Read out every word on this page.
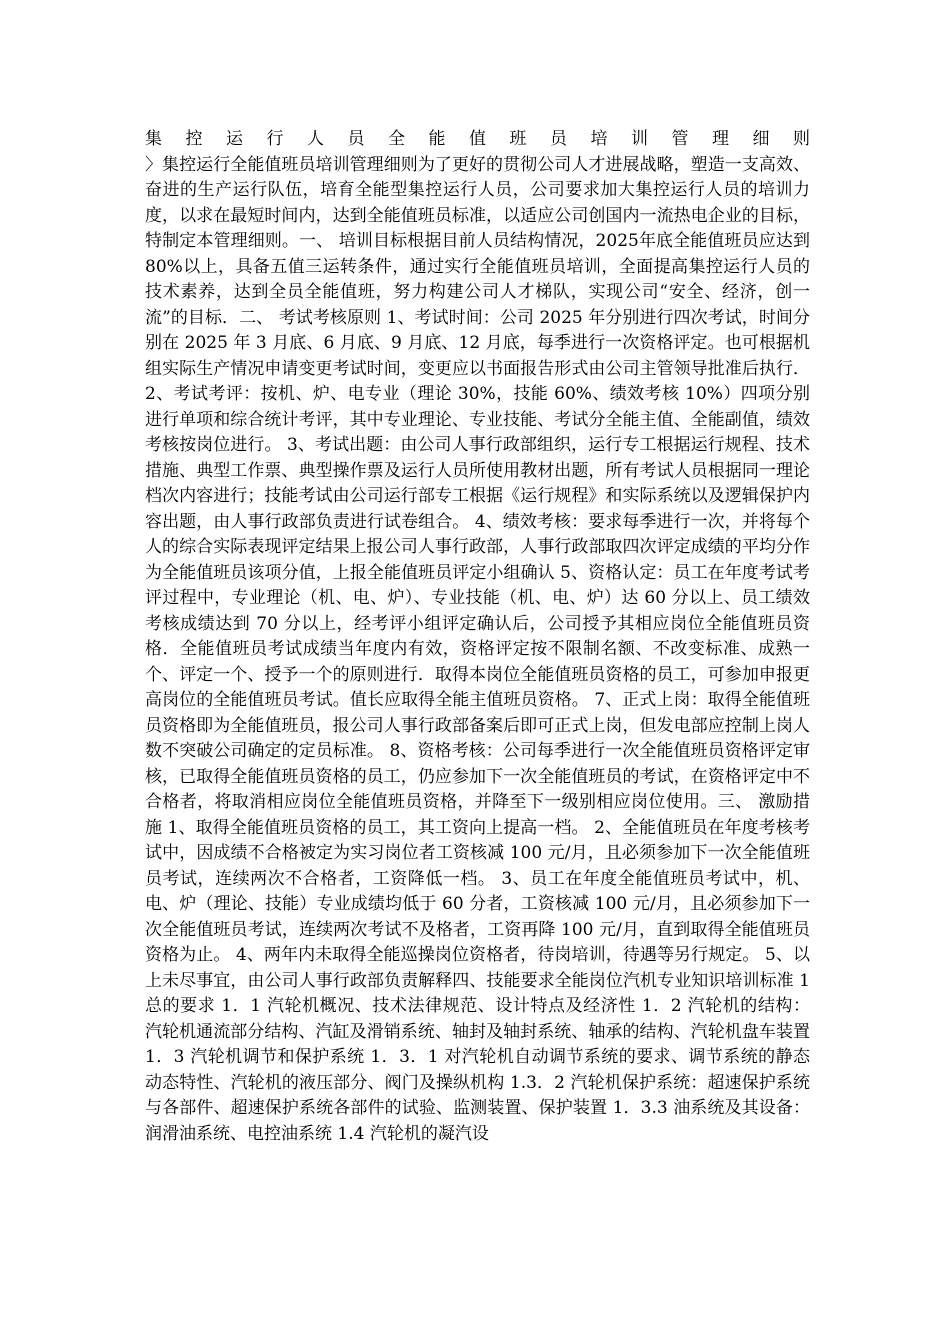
集 控 运 行 人 员 全 能 值 班 员 培 训 管 理 细 则

〉集控运行全能值班员培训管理细则为了更好的贯彻公司人才进展战略，塑造一支高效、奋进的生产运行队伍，培育全能型集控运行人员，公司要求加大集控运行人员的培训力度，以求在最短时间内，达到全能值班员标准，以适应公司创国内一流热电企业的目标，特制定本管理细则。一、 培训目标根据目前人员结构情况，2025年底全能值班员应达到80%以上，具备五值三运转条件，通过实行全能值班员培训，全面提高集控运行人员的技术素养，达到全员全能值班，努力构建公司人才梯队，实现公司“安全、经济，创一流”的目标．二、 考试考核原则 1、考试时间：公司 2025 年分别进行四次考试，时间分别在 2025 年 3 月底、6 月底、9 月底、12 月底，每季进行一次资格评定。也可根据机组实际生产情况申请变更考试时间，变更应以书面报告形式由公司主管领导批准后执行． 2、考试考评：按机、炉、电专业（理论 30%，技能 60%、绩效考核 10%）四项分别进行单项和综合统计考评，其中专业理论、专业技能、考试分全能主值、全能副值，绩效考核按岗位进行。 3、考试出题：由公司人事行政部组织，运行专工根据运行规程、技术措施、典型工作票、典型操作票及运行人员所使用教材出题，所有考试人员根据同一理论档次内容进行；技能考试由公司运行部专工根据《运行规程》和实际系统以及逻辑保护内容出题，由人事行政部负责进行试卷组合。 4、绩效考核：要求每季进行一次，并将每个人的综合实际表现评定结果上报公司人事行政部，人事行政部取四次评定成绩的平均分作为全能值班员该项分值，上报全能值班员评定小组确认 5、资格认定：员工在年度考试考评过程中，专业理论（机、电、炉）、专业技能（机、电、炉）达 60 分以上、员工绩效考核成绩达到 70 分以上，经考评小组评定确认后，公司授予其相应岗位全能值班员资格．全能值班员考试成绩当年度内有效，资格评定按不限制名额、不改变标准、成熟一个、评定一个、授予一个的原则进行．取得本岗位全能值班员资格的员工，可参加申报更高岗位的全能值班员考试。值长应取得全能主值班员资格。 7、正式上岗：取得全能值班员资格即为全能值班员，报公司人事行政部备案后即可正式上岗，但发电部应控制上岗人数不突破公司确定的定员标准。 8、资格考核：公司每季进行一次全能值班员资格评定审核，已取得全能值班员资格的员工，仍应参加下一次全能值班员的考试，在资格评定中不合格者，将取消相应岗位全能值班员资格，并降至下一级别相应岗位使用。三、 激励措施 1、取得全能值班员资格的员工，其工资向上提高一档。 2、全能值班员在年度考核考试中，因成绩不合格被定为实习岗位者工资核减 100 元/月，且必须参加下一次全能值班员考试，连续两次不合格者，工资降低一档。 3、员工在年度全能值班员考试中，机、电、炉（理论、技能）专业成绩均低于 60 分者，工资核减 100 元/月，且必须参加下一次全能值班员考试，连续两次考试不及格者，工资再降 100 元/月，直到取得全能值班员资格为止。 4、两年内未取得全能巡操岗位资格者，待岗培训，待遇等另行规定。 5、以上未尽事宜，由公司人事行政部负责解释四、技能要求全能岗位汽机专业知识培训标准 1 总的要求 1．1 汽轮机概况、技术法律规范、设计特点及经济性 1．2 汽轮机的结构： 汽轮机通流部分结构、汽缸及滑销系统、轴封及轴封系统、轴承的结构、汽轮机盘车装置 1．3 汽轮机调节和保护系统 1．3．1 对汽轮机自动调节系统的要求、调节系统的静态动态特性、汽轮机的液压部分、阀门及操纵机构 1.3．2 汽轮机保护系统：超速保护系统与各部件、超速保护系统各部件的试验、监测装置、保护装置 1．3.3 油系统及其设备：润滑油系统、电控油系统 1.4 汽轮机的凝汽设
